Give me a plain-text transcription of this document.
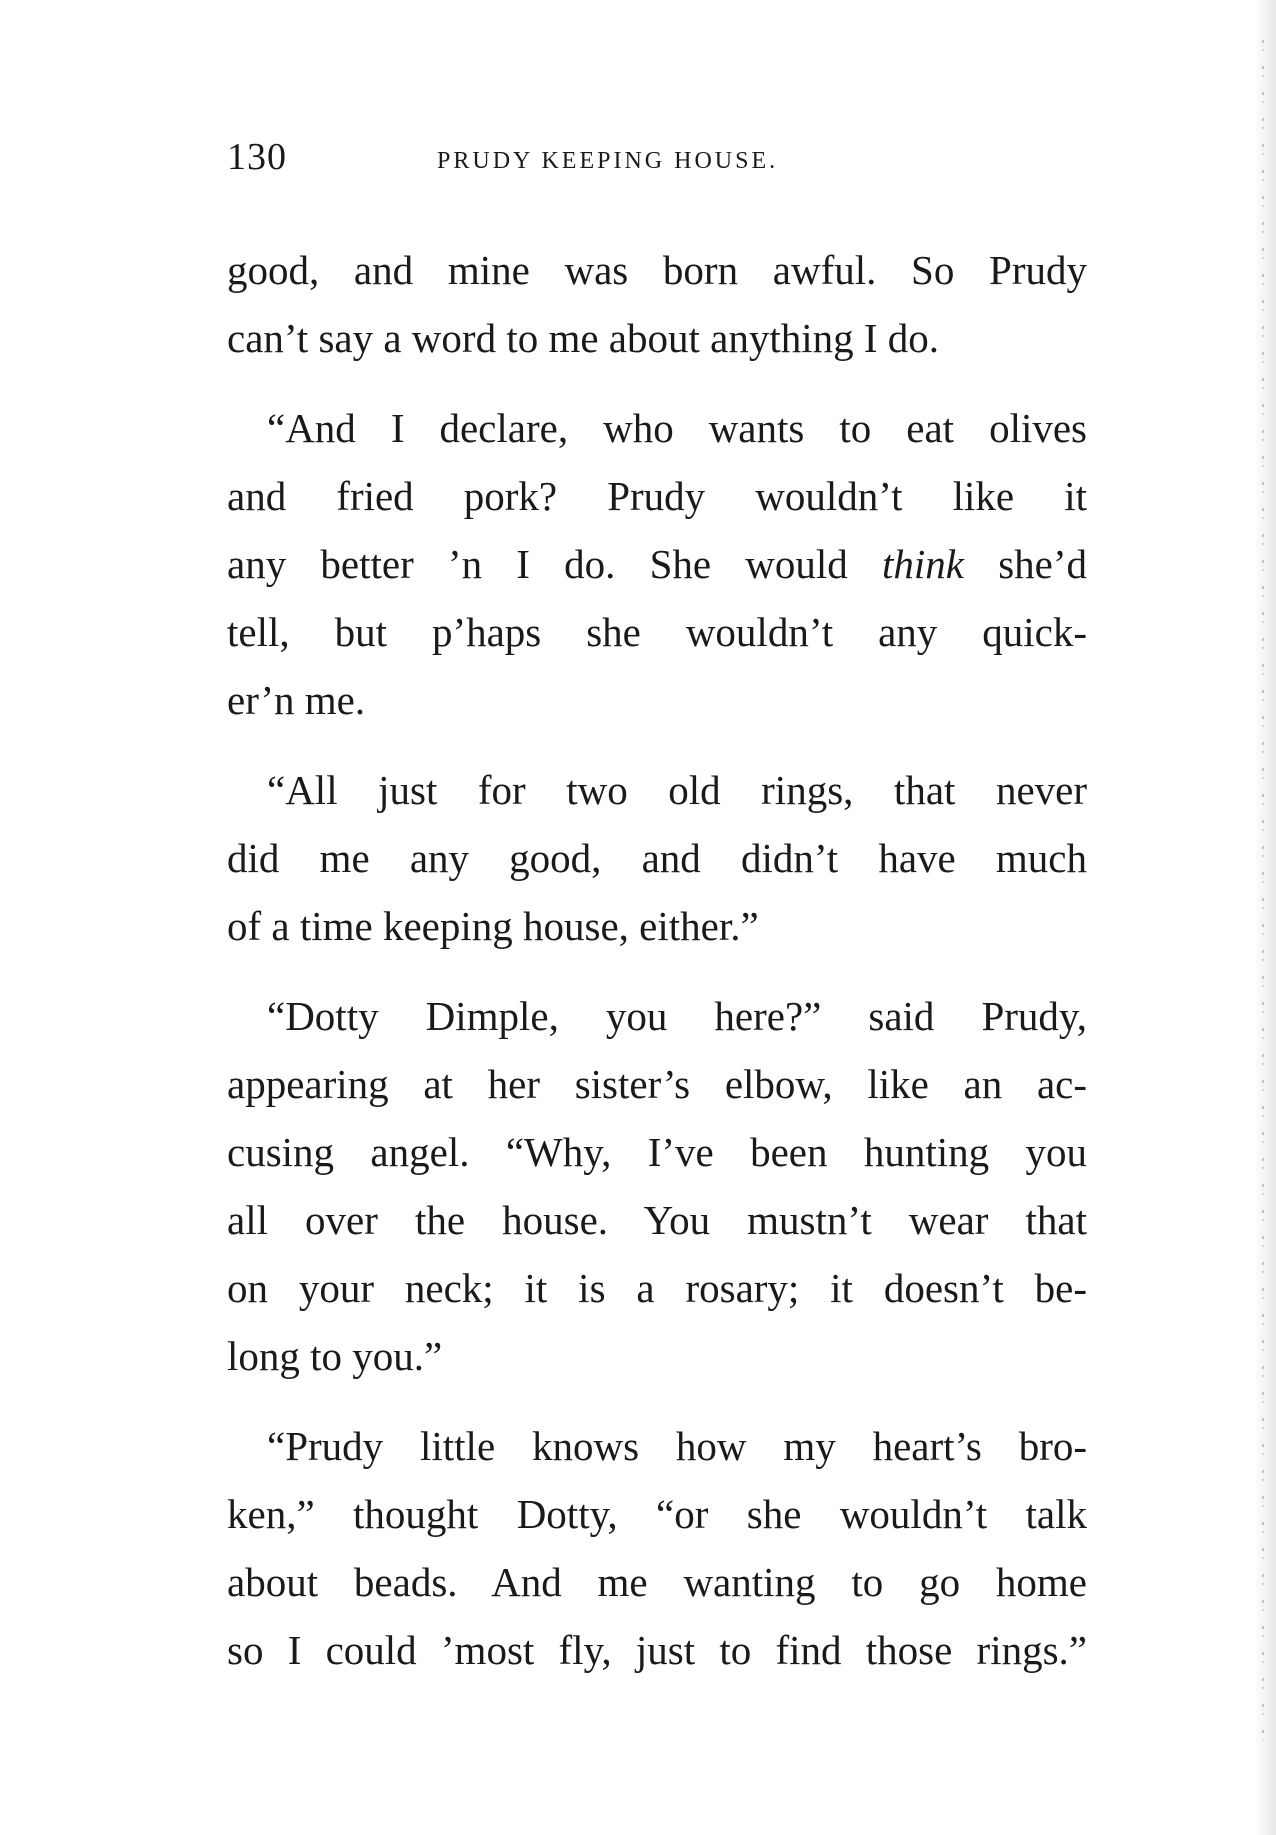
130	PRUDY KEEPING HOUSE.
good, and mine was born awful. So Prudy
can’t say a word to me about anything I do.
“And I declare, who wants to eat olives
and fried pork? Prudy wouldn’t like it
any better ’n I do. She would think she’d
tell, but p’haps she wouldn’t any quick-
er’n me.
“All just for two old rings, that never
did me any good, and didn’t have much
of a time keeping house, either.”
“Dotty Dimple, you here?” said Prudy,
appearing at her sister’s elbow, like an ac-
cusing angel. “Why, I’ve been hunting you
all over the house. You mustn’t wear that
on your neck; it is a rosary; it doesn’t be-
long to you.”
“Prudy little knows how my heart’s bro-
ken,” thought Dotty, “or she wouldn’t talk
about beads. And me wanting to go home
so I could ’most fly, just to find those rings.”
